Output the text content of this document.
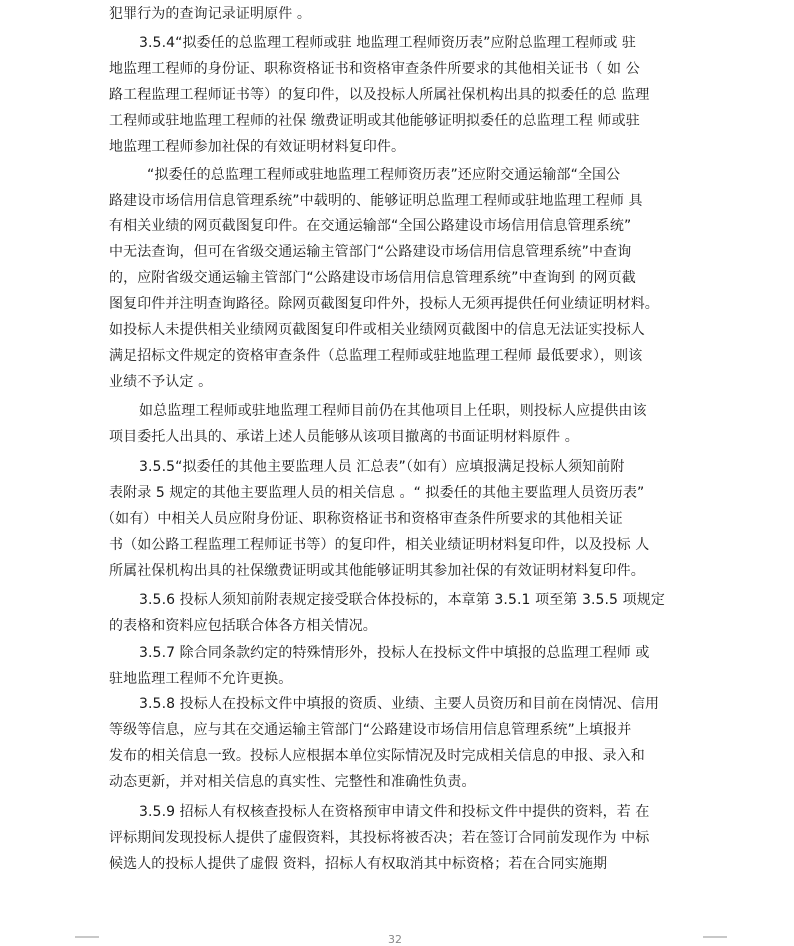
犯罪行为的查询记录证明原件 。
3.5.4“拟委任的总监理工程师或驻 地监理工程师资历表”应附总监理工程师或 驻
地监理工程师的身份证、职称资格证书和资格审查条件所要求的其他相关证书（ 如 公
路工程监理工程师证书等）的复印件，以及投标人所属社保机构出具的拟委任的总 监理
工程师或驻地监理工程师的社保 缴费证明或其他能够证明拟委任的总监理工程 师或驻
地监理工程师参加社保的有效证明材料复印件。
“拟委任的总监理工程师或驻地监理工程师资历表”还应附交通运输部“全国公
路建设市场信用信息管理系统”中载明的、能够证明总监理工程师或驻地监理工程师 具
有相关业绩的网页截图复印件。在交通运输部“全国公路建设市场信用信息管理系统”
中无法查询，但可在省级交通运输主管部门“公路建设市场信用信息管理系统”中查询
的，应附省级交通运输主管部门“公路建设市场信用信息管理系统”中查询到 的网页截
图复印件并注明查询路径。除网页截图复印件外，投标人无须再提供任何业绩证明材料。
如投标人未提供相关业绩网页截图复印件或相关业绩网页截图中的信息无法证实投标人
满足招标文件规定的资格审查条件（总监理工程师或驻地监理工程师 最低要求），则该
业绩不予认定 。
如总监理工程师或驻地监理工程师目前仍在其他项目上任职，则投标人应提供由该
项目委托人出具的、承诺上述人员能够从该项目撤离的书面证明材料原件 。
3.5.5“拟委任的其他主要监理人员 汇总表”（如有）应填报满足投标人须知前附
表附录 5 规定的其他主要监理人员的相关信息 。“ 拟委任的其他主要监理人员资历表”
（如有）中相关人员应附身份证、职称资格证书和资格审查条件所要求的其他相关证
书（如公路工程监理工程师证书等）的复印件，相关业绩证明材料复印件，以及投标 人
所属社保机构出具的社保缴费证明或其他能够证明其参加社保的有效证明材料复印件。
3.5.6 投标人须知前附表规定接受联合体投标的，本章第 3.5.1 项至第 3.5.5 项规定
的表格和资料应包括联合体各方相关情况。
3.5.7 除合同条款约定的特殊情形外，投标人在投标文件中填报的总监理工程师 或
驻地监理工程师不允许更换。
3.5.8 投标人在投标文件中填报的资质、业绩、主要人员资历和目前在岗情况、信用
等级等信息，应与其在交通运输主管部门“公路建设市场信用信息管理系统”上填报并
发布的相关信息一致。投标人应根据本单位实际情况及时完成相关信息的申报、录入和
动态更新，并对相关信息的真实性、完整性和准确性负责。
3.5.9 招标人有权核查投标人在资格预审申请文件和投标文件中提供的资料，若 在
评标期间发现投标人提供了虚假资料，其投标将被否决；若在签订合同前发现作为 中标
候选人的投标人提供了虚假 资料，招标人有权取消其中标资格；若在合同实施期
32
